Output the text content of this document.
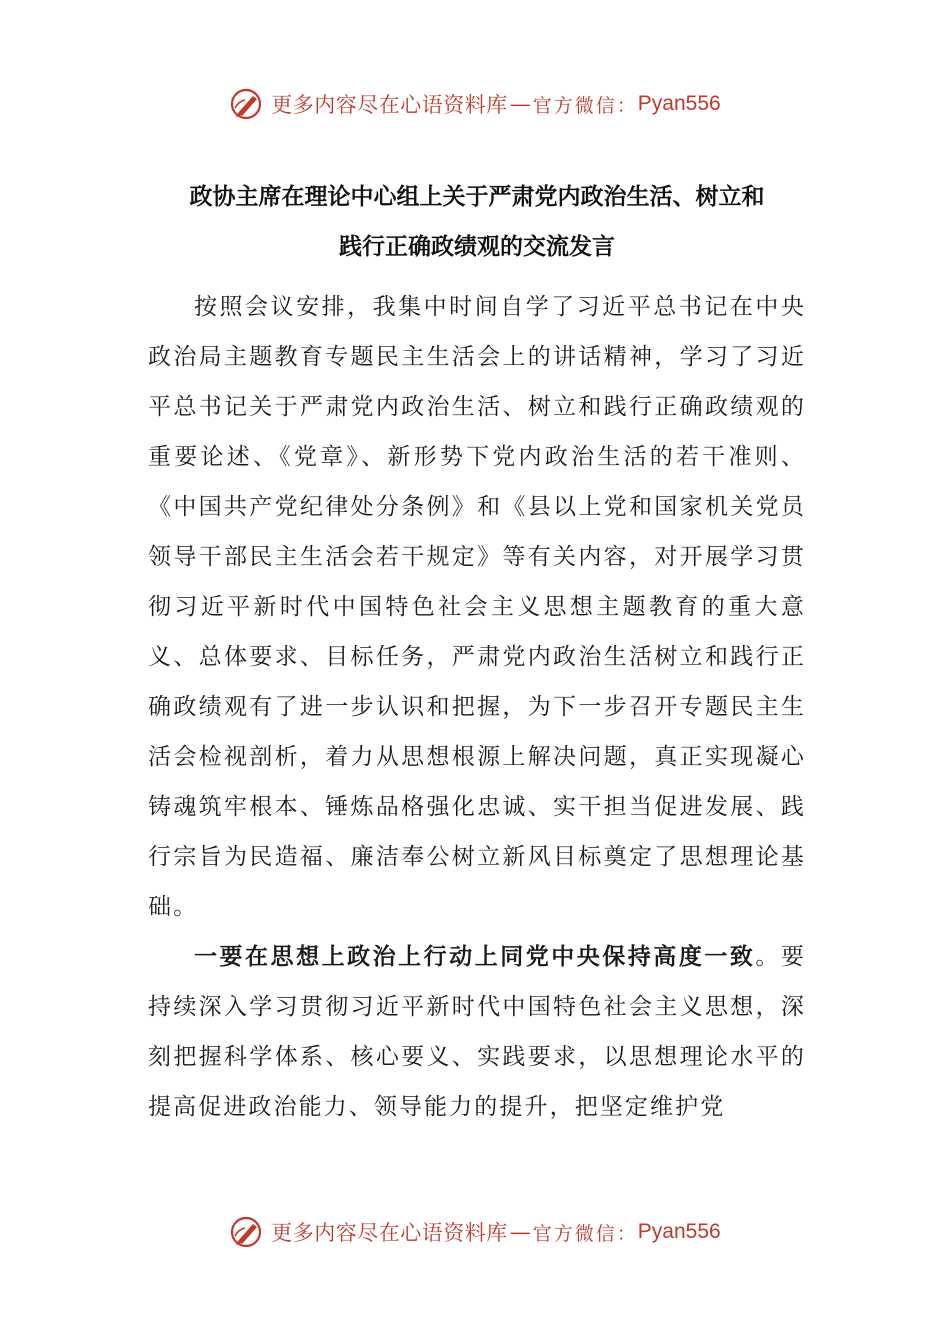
更多内容尽在心语资料库 — 官方微信： Pyan556
政协主席在理论中心组上关于严肃党内政治生活、树立和
践行正确政绩观的交流发言

按照会议安排，我集中时间自学了习近平总书记在中央政治局主题教育专题民主生活会上的讲话精神，学习了习近平总书记关于严肃党内政治生活、树立和践行正确政绩观的重要论述、《党章》、新形势下党内政治生活的若干准则、《中国共产党纪律处分条例》和《县以上党和国家机关党员领导干部民主生活会若干规定》等有关内容，对开展学习贯彻习近平新时代中国特色社会主义思想主题教育的重大意义、总体要求、目标任务，严肃党内政治生活树立和践行正确政绩观有了进一步认识和把握，为下一步召开专题民主生活会检视剖析，着力从思想根源上解决问题，真正实现凝心铸魂筑牢根本、锤炼品格强化忠诚、实干担当促进发展、践行宗旨为民造福、廉洁奉公树立新风目标奠定了思想理论基础。

一要在思想上政治上行动上同党中央保持高度一致。要持续深入学习贯彻习近平新时代中国特色社会主义思想，深刻把握科学体系、核心要义、实践要求，以思想理论水平的提高促进政治能力、领导能力的提升，把坚定维护党

更多内容尽在心语资料库 — 官方微信： Pyan556
